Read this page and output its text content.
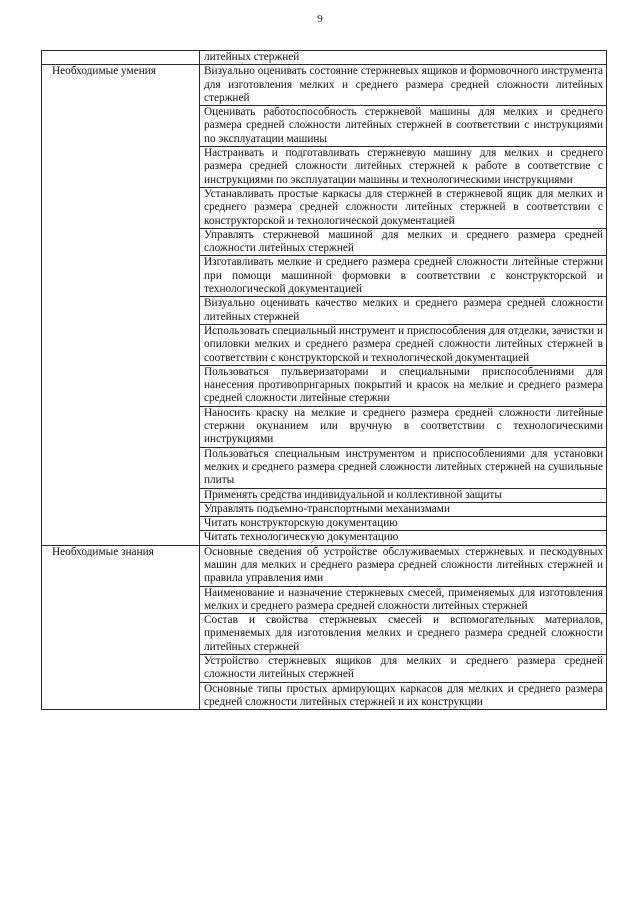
9
	литейных стержней
Необходимые умения	Визуально оценивать состояние стержневых ящиков и формовочного инструмента для изготовления мелких и среднего размера средней сложности литейных стержней
	Оценивать работоспособность стержневой машины для мелких и среднего размера средней сложности литейных стержней в соответствии с инструкциями по эксплуатации машины
	Настраивать и подготавливать стержневую машину для мелких и среднего размера средней сложности литейных стержней к работе в соответствие с инструкциями по эксплуатации машины и технологическими инструкциями
	Устанавливать простые каркасы для стержней в стержневой ящик для мелких и среднего размера средней сложности литейных стержней в соответствии с конструкторской и технологической документацией
	Управлять стержневой машиной для мелких и среднего размера средней сложности литейных стержней
	Изготавливать мелкие и среднего размера средней сложности литейные стержни при помощи машинной формовки в соответствии с конструкторской и технологической документацией
	Визуально оценивать качество мелких и среднего размера средней сложности литейных стержней
	Использовать специальный инструмент и приспособления для отделки, зачистки и опиловки мелких и среднего размера средней сложности литейных стержней в соответствии с конструкторской и технологической документацией
	Пользоваться пульверизаторами и специальными приспособлениями для нанесения противопригарных покрытий и красок на мелкие и среднего размера средней сложности литейные стержни
	Наносить краску на мелкие и среднего размера средней сложности литейные стержни окунанием или вручную в соответствии с технологическими инструкциями
	Пользоваться специальным инструментом и приспособлениями для установки мелких и среднего размера средней сложности литейных стержней на сушильные плиты
	Применять средства индивидуальной и коллективной защиты
	Управлять подъемно-транспортными механизмами
	Читать конструкторскую документацию
	Читать технологическую документацию
Необходимые знания	Основные сведения об устройстве обслуживаемых стержневых и пескодувных машин для мелких и среднего размера средней сложности литейных стержней и правила управления ими
	Наименование и назначение стержневых смесей, применяемых для изготовления мелких и среднего размера средней сложности литейных стержней
	Состав и свойства стержневых смесей и вспомогательных материалов, применяемых для изготовления мелких и среднего размера средней сложности литейных стержней
	Устройство стержневых ящиков для мелких и среднего размера средней сложности литейных стержней
	Основные типы простых армирующих каркасов для мелких и среднего размера средней сложности литейных стержней и их конструкции
